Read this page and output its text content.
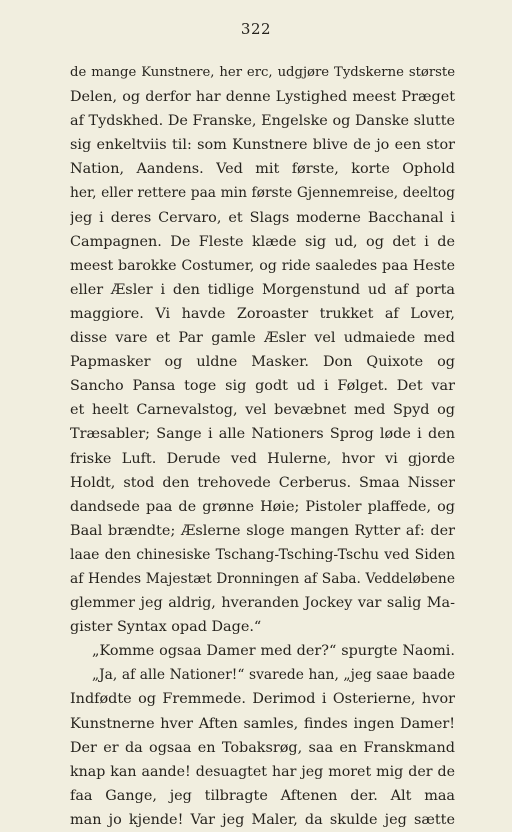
322
de mange Kunstnere, her erc, udgjøre Tydskerne største
Delen, og derfor har denne Lystighed meest Præget
af Tydskhed. De Franske, Engelske og Danske slutte
sig enkeltviis til: som Kunstnere blive de jo een stor
Nation, Aandens. Ved mit første, korte Ophold
her, eller rettere paa min første Gjennemreise, deeltog
jeg i deres Cervaro, et Slags moderne Bacchanal i
Campagnen. De Fleste klæde sig ud, og det i de
meest barokke Costumer, og ride saaledes paa Heste
eller Æsler i den tidlige Morgenstund ud af porta
maggiore. Vi havde Zoroaster trukket af Lover,
disse vare et Par gamle Æsler vel udmaiede med
Papmasker og uldne Masker. Don Quixote og
Sancho Pansa toge sig godt ud i Følget. Det var
et heelt Carnevalstog, vel bevæbnet med Spyd og
Træsabler; Sange i alle Nationers Sprog løde i den
friske Luft. Derude ved Hulerne, hvor vi gjorde
Holdt, stod den trehovede Cerberus. Smaa Nisser
dandsede paa de grønne Høie; Pistoler plaffede, og
Baal brændte; Æslerne sloge mangen Rytter af: der
laae den chinesiske Tschang-Tsching-Tschu ved Siden
af Hendes Majestæt Dronningen af Saba. Veddeløbene
glemmer jeg aldrig, hveranden Jockey var salig Ma-
gister Syntax opad Dage.“
„Komme ogsaa Damer med der?“ spurgte Naomi.
„Ja, af alle Nationer!“ svarede han, „jeg saae baade
Indfødte og Fremmede. Derimod i Osterierne, hvor
Kunstnerne hver Aften samles, findes ingen Damer!
Der er da ogsaa en Tobaksrøg, saa en Franskmand
knap kan aande! desuagtet har jeg moret mig der de
faa Gange, jeg tilbragte Aftenen der. Alt maa
man jo kjende! Var jeg Maler, da skulde jeg sætte
